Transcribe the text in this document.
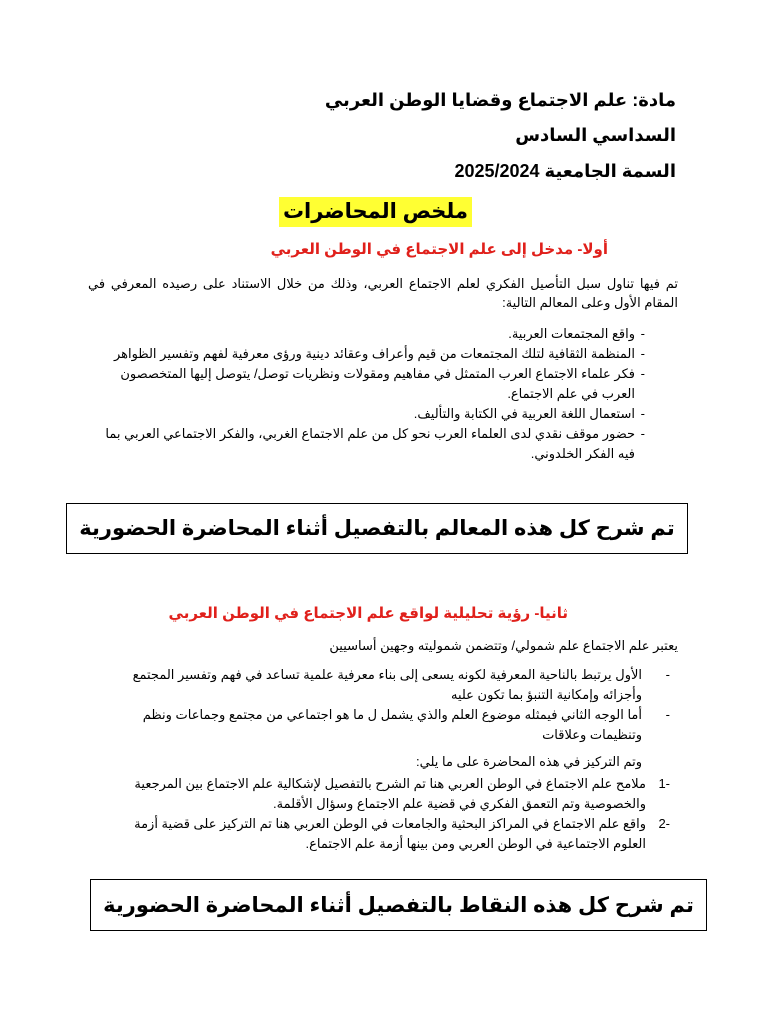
مادة: علم الاجتماع وقضايا الوطن العربي
السداسي السادس
السمة الجامعية 2025/2024
ملخص المحاضرات
أولا- مدخل إلى علم الاجتماع في الوطن العربي
تم فيها تناول سبل التأصيل الفكري لعلم الاجتماع العربي، وذلك من خلال الاستناد على رصيده المعرفي في المقام الأول وعلى المعالم التالية:
- واقع المجتمعات العربية.
- المنظمة الثقافية لتلك المجتمعات من قيم وأعراف وعقائد دينية ورؤى معرفية لفهم وتفسير الظواهر
- فكر علماء الاجتماع العرب المتمثل في مفاهيم ومقولات ونظريات توصل/ يتوصل إليها المتخصصون العرب في علم الاجتماع.
- استعمال اللغة العربية في الكتابة والتأليف.
- حضور موقف نقدي لدى العلماء العرب نحو كل من علم الاجتماع الغربي، والفكر الاجتماعي العربي بما فيه الفكر الخلدوني.
تم شرح كل هذه المعالم بالتفصيل أثناء المحاضرة الحضورية
ثانيا- رؤية تحليلية لواقع علم الاجتماع في الوطن العربي
يعتبر علم الاجتماع علم شمولي/ وتتضمن شموليته وجهين أساسيين
-
الأول يرتبط بالناحية المعرفية لكونه يسعى إلى بناء معرفية علمية تساعد في فهم وتفسير المجتمع وأجزائه وإمكانية التنبؤ بما تكون عليه
-
أما الوجه الثاني فيمثله موضوع العلم والذي يشمل ل ما هو اجتماعي من مجتمع وجماعات ونظم وتنظيمات وعلاقات
وتم التركيز في هذه المحاضرة على ما يلي:
1-
ملامح علم الاجتماع في الوطن العربي هنا تم الشرح بالتفصيل لإشكالية علم الاجتماع بين المرجعية والخصوصية وتم التعمق الفكري في قضية علم الاجتماع وسؤال الأقلمة.
2-
واقع علم الاجتماع في المراكز البحثية والجامعات في الوطن العربي هنا تم التركيز على قضية أزمة العلوم الاجتماعية في الوطن العربي ومن بينها أزمة علم الاجتماع.
تم شرح كل هذه النقاط بالتفصيل أثناء المحاضرة الحضورية
